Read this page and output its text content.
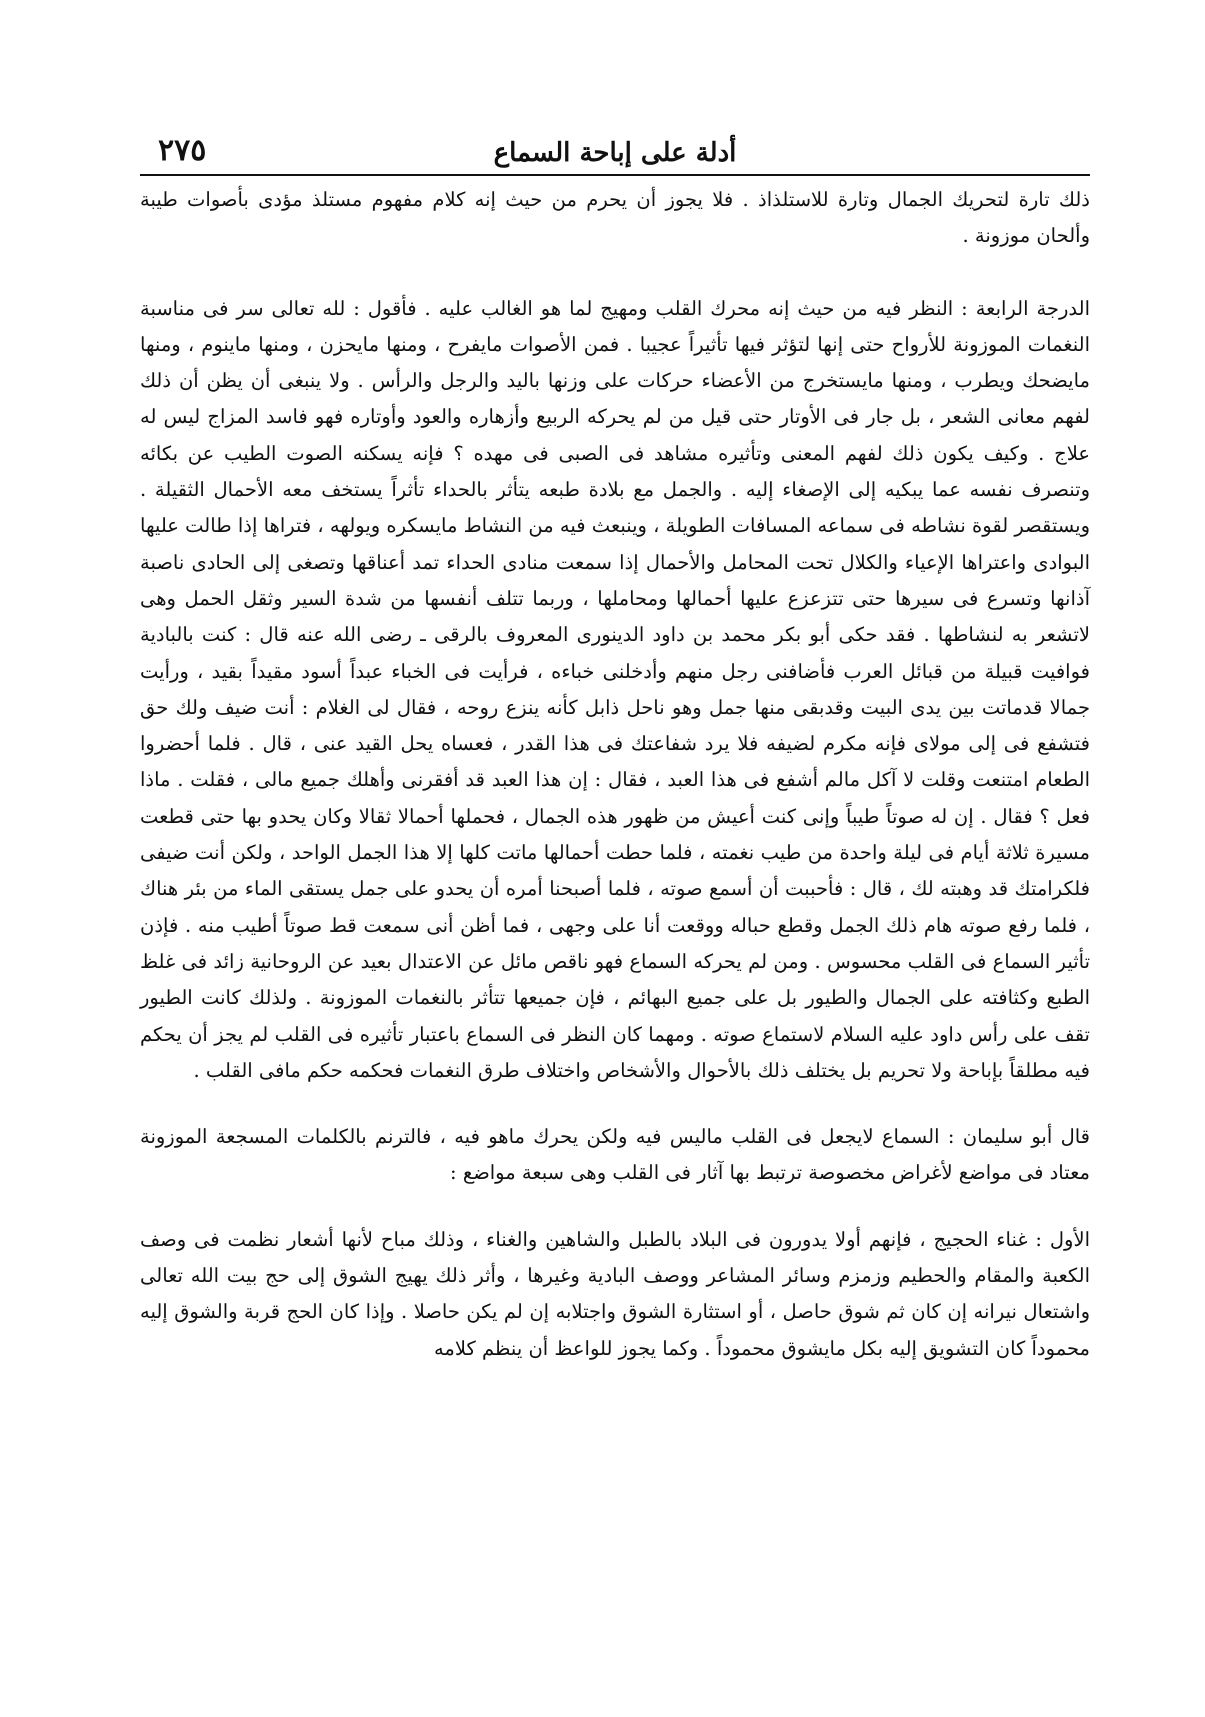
٢٧٥	أدلة على إباحة السماع

ذلك تارة لتحريك الجمال وتارة للاستلذاذ . فلا يجوز أن يحرم من حيث إنه كلام مفهوم مستلذ مؤدى بأصوات طيبة وألحان موزونة .

الدرجة الرابعة : النظر فيه من حيث إنه محرك القلب ومهيج لما هو الغالب عليه . فأقول : لله تعالى سر فى مناسبة النغمات الموزونة للأرواح حتى إنها لتؤثر فيها تأثيراً عجيبا . فمن الأصوات مايفرح ، ومنها مايحزن ، ومنها ماينوم ، ومنها مايضحك ويطرب ، ومنها مايستخرج من الأعضاء حركات على وزنها باليد والرجل والرأس . ولا ينبغى أن يظن أن ذلك لفهم معانى الشعر ، بل جار فى الأوتار حتى قيل من لم يحركه الربيع وأزهاره والعود وأوتاره فهو فاسد المزاج ليس له علاج . وكيف يكون ذلك لفهم المعنى وتأثيره مشاهد فى الصبى فى مهده ؟ فإنه يسكنه الصوت الطيب عن بكائه وتنصرف نفسه عما يبكيه إلى الإصغاء إليه . والجمل مع بلادة طبعه يتأثر بالحداء تأثراً يستخف معه الأحمال الثقيلة . ويستقصر لقوة نشاطه فى سماعه المسافات الطويلة ، وينبعث فيه من النشاط مايسكره ويولهه ، فتراها إذا طالت عليها البوادى واعتراها الإعياء والكلال تحت المحامل والأحمال إذا سمعت منادى الحداء تمد أعناقها وتصغى إلى الحادى ناصبة آذانها وتسرع فى سيرها حتى تتزعزع عليها أحمالها ومحاملها ، وربما تتلف أنفسها من شدة السير وثقل الحمل وهى لاتشعر به لنشاطها . فقد حكى أبو بكر محمد بن داود الدينورى المعروف بالرقى ـ رضى الله عنه قال : كنت بالبادية فوافيت قبيلة من قبائل العرب فأضافنى رجل منهم وأدخلنى خباءه ، فرأيت فى الخباء عبداً أسود مقيداً بقيد ، ورأيت جمالا قدماتت بين يدى البيت وقدبقى منها جمل وهو ناحل ذابل كأنه ينزع روحه ، فقال لى الغلام : أنت ضيف ولك حق فتشفع فى إلى مولاى فإنه مكرم لضيفه فلا يرد شفاعتك فى هذا القدر ، فعساه يحل القيد عنى ، قال . فلما أحضروا الطعام امتنعت وقلت لا آكل مالم أشفع فى هذا العبد ، فقال : إن هذا العبد قد أفقرنى وأهلك جميع مالى ، فقلت . ماذا فعل ؟ فقال . إن له صوتاً طيباً وإنى كنت أعيش من ظهور هذه الجمال ، فحملها أحمالا ثقالا وكان يحدو بها حتى قطعت مسيرة ثلاثة أيام فى ليلة واحدة من طيب نغمته ، فلما حطت أحمالها ماتت كلها إلا هذا الجمل الواحد ، ولكن أنت ضيفى فلكرامتك قد وهبته لك ، قال : فأحببت أن أسمع صوته ، فلما أصبحنا أمره أن يحدو على جمل يستقى الماء من بئر هناك ، فلما رفع صوته هام ذلك الجمل وقطع حباله ووقعت أنا على وجهى ، فما أظن أنى سمعت قط صوتاً أطيب منه . فإذن تأثير السماع فى القلب محسوس . ومن لم يحركه السماع فهو ناقص مائل عن الاعتدال بعيد عن الروحانية زائد فى غلظ الطبع وكثافته على الجمال والطيور بل على جميع البهائم ، فإن جميعها تتأثر بالنغمات الموزونة . ولذلك كانت الطيور تقف على رأس داود عليه السلام لاستماع صوته . ومهما كان النظر فى السماع باعتبار تأثيره فى القلب لم يجز أن يحكم فيه مطلقاً بإباحة ولا تحريم بل يختلف ذلك بالأحوال والأشخاص واختلاف طرق النغمات فحكمه حكم مافى القلب .

قال أبو سليمان : السماع لايجعل فى القلب ماليس فيه ولكن يحرك ماهو فيه ، فالترنم بالكلمات المسجعة الموزونة معتاد فى مواضع لأغراض مخصوصة ترتبط بها آثار فى القلب وهى سبعة مواضع :

الأول : غناء الحجيج ، فإنهم أولا يدورون فى البلاد بالطبل والشاهين والغناء ، وذلك مباح لأنها أشعار نظمت فى وصف الكعبة والمقام والحطيم وزمزم وسائر المشاعر ووصف البادية وغيرها ، وأثر ذلك يهيج الشوق إلى حج بيت الله تعالى واشتعال نيرانه إن كان ثم شوق حاصل ، أو استثارة الشوق واجتلابه إن لم يكن حاصلا . وإذا كان الحج قربة والشوق إليه محموداً كان التشويق إليه بكل مايشوق محموداً . وكما يجوز للواعظ أن ينظم كلامه
